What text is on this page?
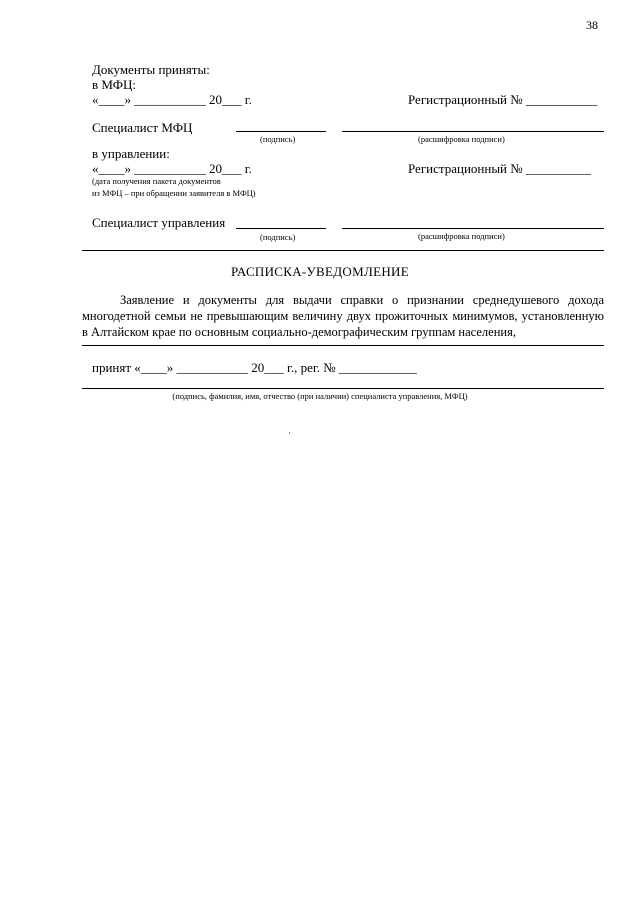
38
Документы приняты:
в МФЦ:
«____» ___________ 20___ г.	Регистрационный № ___________
Специалист МФЦ
(подпись)	(расшифровка подписи)
в управлении:
«____» ___________ 20___ г.	Регистрационный № __________
(дата получения пакета документов
из МФЦ – при обращении заявителя в МФЦ)
Специалист управления
(подпись)	(расшифровка подписи)
РАСПИСКА-УВЕДОМЛЕНИЕ
Заявление и документы для выдачи справки о признании среднедушевого дохода многодетной семьи не превышающим величину двух прожиточных минимумов, установленную в Алтайском крае по основным социально-демографическим группам населения,
принят «____» ___________ 20___ г., рег. № ____________
(подпись, фамилия, имя, отчество (при наличии) специалиста управления, МФЦ)
